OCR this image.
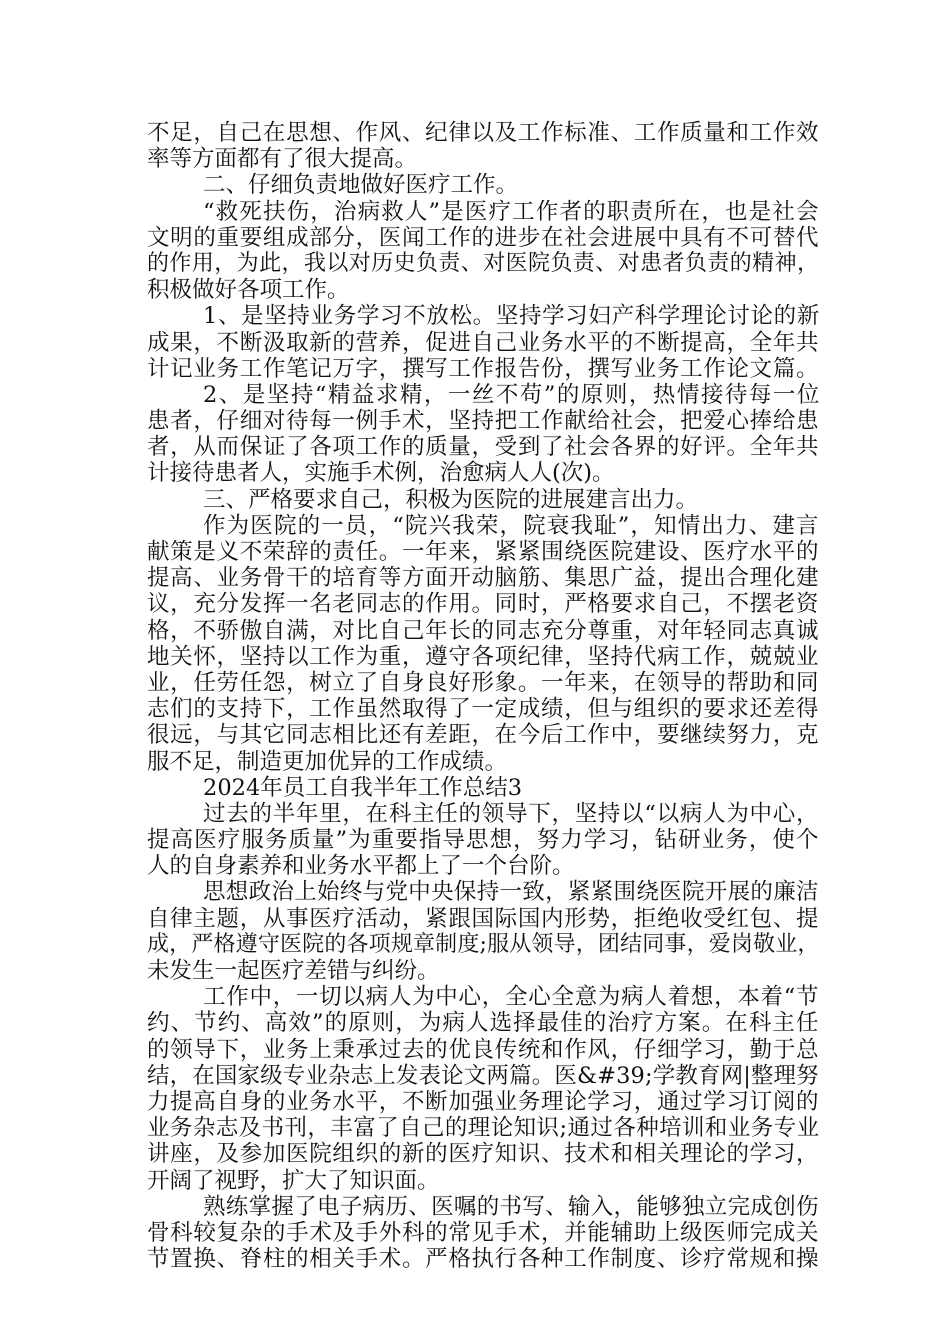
不足，自己在思想、作风、纪律以及工作标准、工作质量和工作效
率等方面都有了很大提高。
二、仔细负责地做好医疗工作。
“救死扶伤，治病救人”是医疗工作者的职责所在，也是社会
文明的重要组成部分，医闻工作的进步在社会进展中具有不可替代
的作用，为此，我以对历史负责、对医院负责、对患者负责的精神，
积极做好各项工作。
1、是坚持业务学习不放松。坚持学习妇产科学理论讨论的新
成果，不断汲取新的营养，促进自己业务水平的不断提高，全年共
计记业务工作笔记万字，撰写工作报告份，撰写业务工作论文篇。
2、是坚持“精益求精，一丝不苟”的原则，热情接待每一位
患者，仔细对待每一例手术，坚持把工作献给社会，把爱心捧给患
者，从而保证了各项工作的质量，受到了社会各界的好评。全年共
计接待患者人，实施手术例，治愈病人人(次)。
三、严格要求自己，积极为医院的进展建言出力。
作为医院的一员，“院兴我荣，院衰我耻”，知情出力、建言
献策是义不荣辞的责任。一年来，紧紧围绕医院建设、医疗水平的
提高、业务骨干的培育等方面开动脑筋、集思广益，提出合理化建
议，充分发挥一名老同志的作用。同时，严格要求自己，不摆老资
格，不骄傲自满，对比自己年长的同志充分尊重，对年轻同志真诚
地关怀，坚持以工作为重，遵守各项纪律，坚持代病工作，兢兢业
业，任劳任怨，树立了自身良好形象。一年来，在领导的帮助和同
志们的支持下，工作虽然取得了一定成绩，但与组织的要求还差得
很远，与其它同志相比还有差距，在今后工作中，要继续努力，克
服不足，制造更加优异的工作成绩。
2024年员工自我半年工作总结3
过去的半年里，在科主任的领导下，坚持以“以病人为中心，
提高医疗服务质量”为重要指导思想，努力学习，钻研业务，使个
人的自身素养和业务水平都上了一个台阶。
思想政治上始终与党中央保持一致，紧紧围绕医院开展的廉洁
自律主题，从事医疗活动，紧跟国际国内形势，拒绝收受红包、提
成，严格遵守医院的各项规章制度;服从领导，团结同事，爱岗敬业，
未发生一起医疗差错与纠纷。
工作中，一切以病人为中心，全心全意为病人着想，本着“节
约、节约、高效”的原则，为病人选择最佳的治疗方案。在科主任
的领导下，业务上秉承过去的优良传统和作风，仔细学习，勤于总
结，在国家级专业杂志上发表论文两篇。医&#39;学教育网|整理努
力提高自身的业务水平，不断加强业务理论学习，通过学习订阅的
业务杂志及书刊，丰富了自己的理论知识;通过各种培训和业务专业
讲座，及参加医院组织的新的医疗知识、技术和相关理论的学习，
开阔了视野，扩大了知识面。
熟练掌握了电子病历、医嘱的书写、输入，能够独立完成创伤
骨科较复杂的手术及手外科的常见手术，并能辅助上级医师完成关
节置换、脊柱的相关手术。严格执行各种工作制度、诊疗常规和操
